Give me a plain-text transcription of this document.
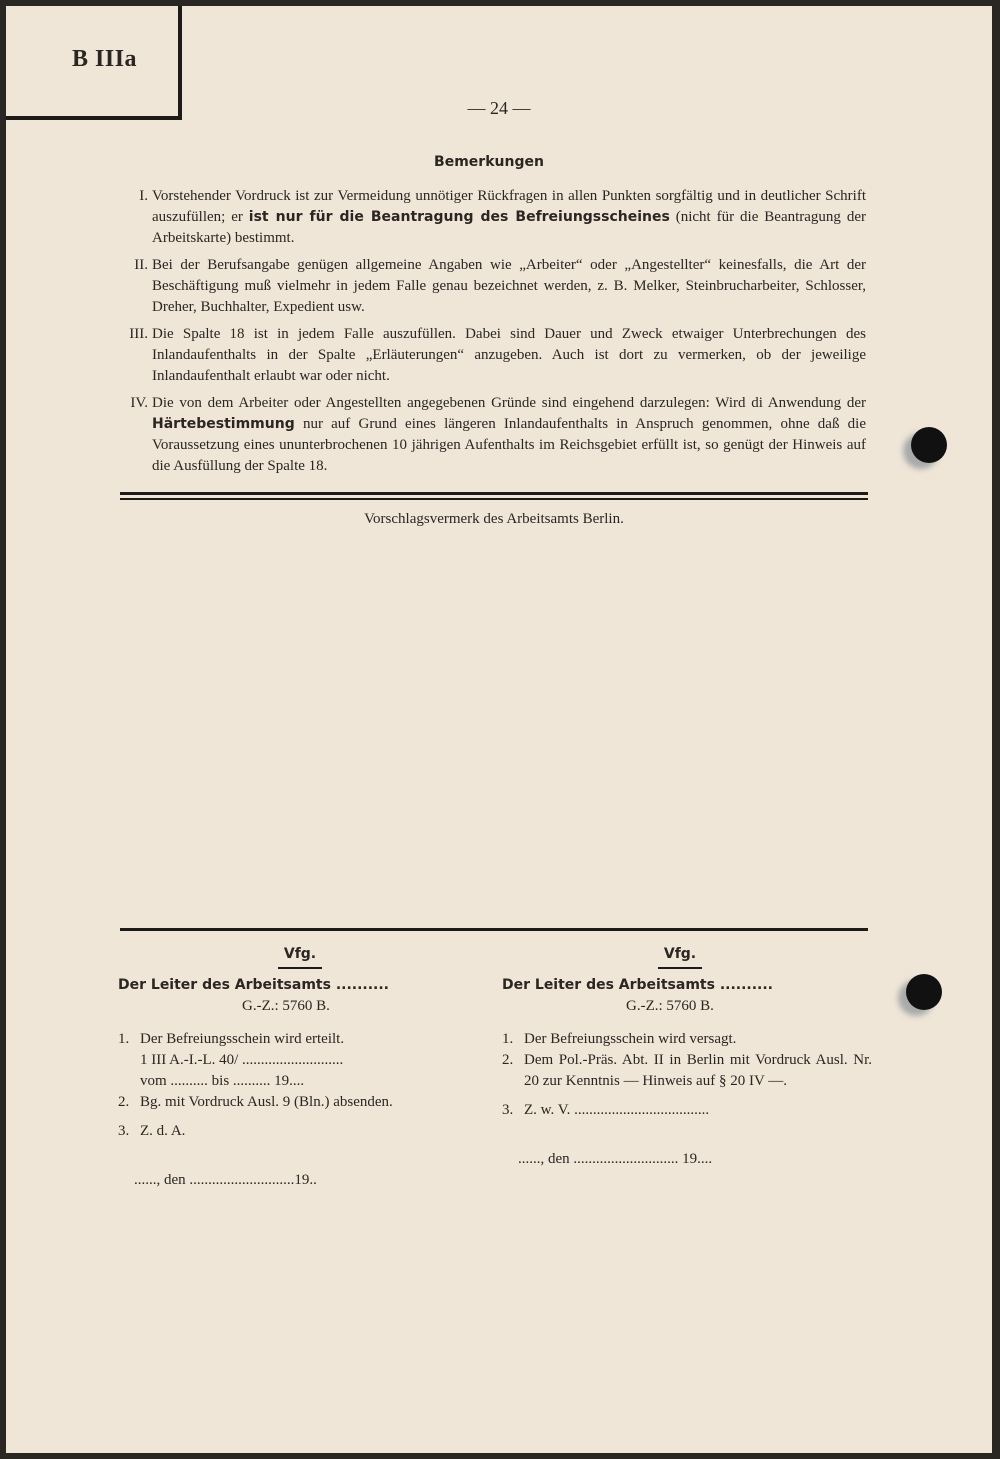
B IIIa
— 24 —
Bemerkungen
I. Vorstehender Vordruck ist zur Vermeidung unnötiger Rückfragen in allen Punkten sorgfältig und in deutlicher Schrift auszufüllen; er ist nur für die Beantragung des Befreiungsscheines (nicht für die Beantragung der Arbeitskarte) bestimmt.
II. Bei der Berufsangabe genügen allgemeine Angaben wie „Arbeiter“ oder „Angestellter“ keinesfalls, die Art der Beschäftigung muß vielmehr in jedem Falle genau bezeichnet werden, z. B. Melker, Steinbrucharbeiter, Schlosser, Dreher, Buchhalter, Expedient usw.
III. Die Spalte 18 ist in jedem Falle auszufüllen. Dabei sind Dauer und Zweck etwaiger Unterbrechungen des Inlandaufenthalts in der Spalte „Erläuterungen“ anzugeben. Auch ist dort zu vermerken, ob der jeweilige Inlandaufenthalt erlaubt war oder nicht.
IV. Die von dem Arbeiter oder Angestellten angegebenen Gründe sind eingehend darzulegen: Wird di Anwendung der Härtebestimmung nur auf Grund eines längeren Inlandaufenthalts in Anspruch genommen, ohne daß die Voraussetzung eines ununterbrochenen 10 jährigen Aufenthalts im Reichsgebiet erfüllt ist, so genügt der Hinweis auf die Ausfüllung der Spalte 18.
Vorschlagsvermerk des Arbeitsamts Berlin.
Vfg.
Der Leiter des Arbeitsamts ..........
G.-Z.: 5760 B.
1. Der Befreiungsschein wird erteilt.
1 III A.-I.-L. 40/ ...........................
vom .......... bis .......... 19....
2. Bg. mit Vordruck Ausl. 9 (Bln.) absenden.
3. Z. d. A.
......, den ............................19..
Vfg.
Der Leiter des Arbeitsamts ..........
G.-Z.: 5760 B.
1. Der Befreiungsschein wird versagt.
2. Dem Pol.-Präs. Abt. II in Berlin mit Vordruck Ausl. Nr. 20 zur Kenntnis — Hinweis auf § 20 IV —.
3. Z. w. V. ....................................
......, den ............................ 19....
